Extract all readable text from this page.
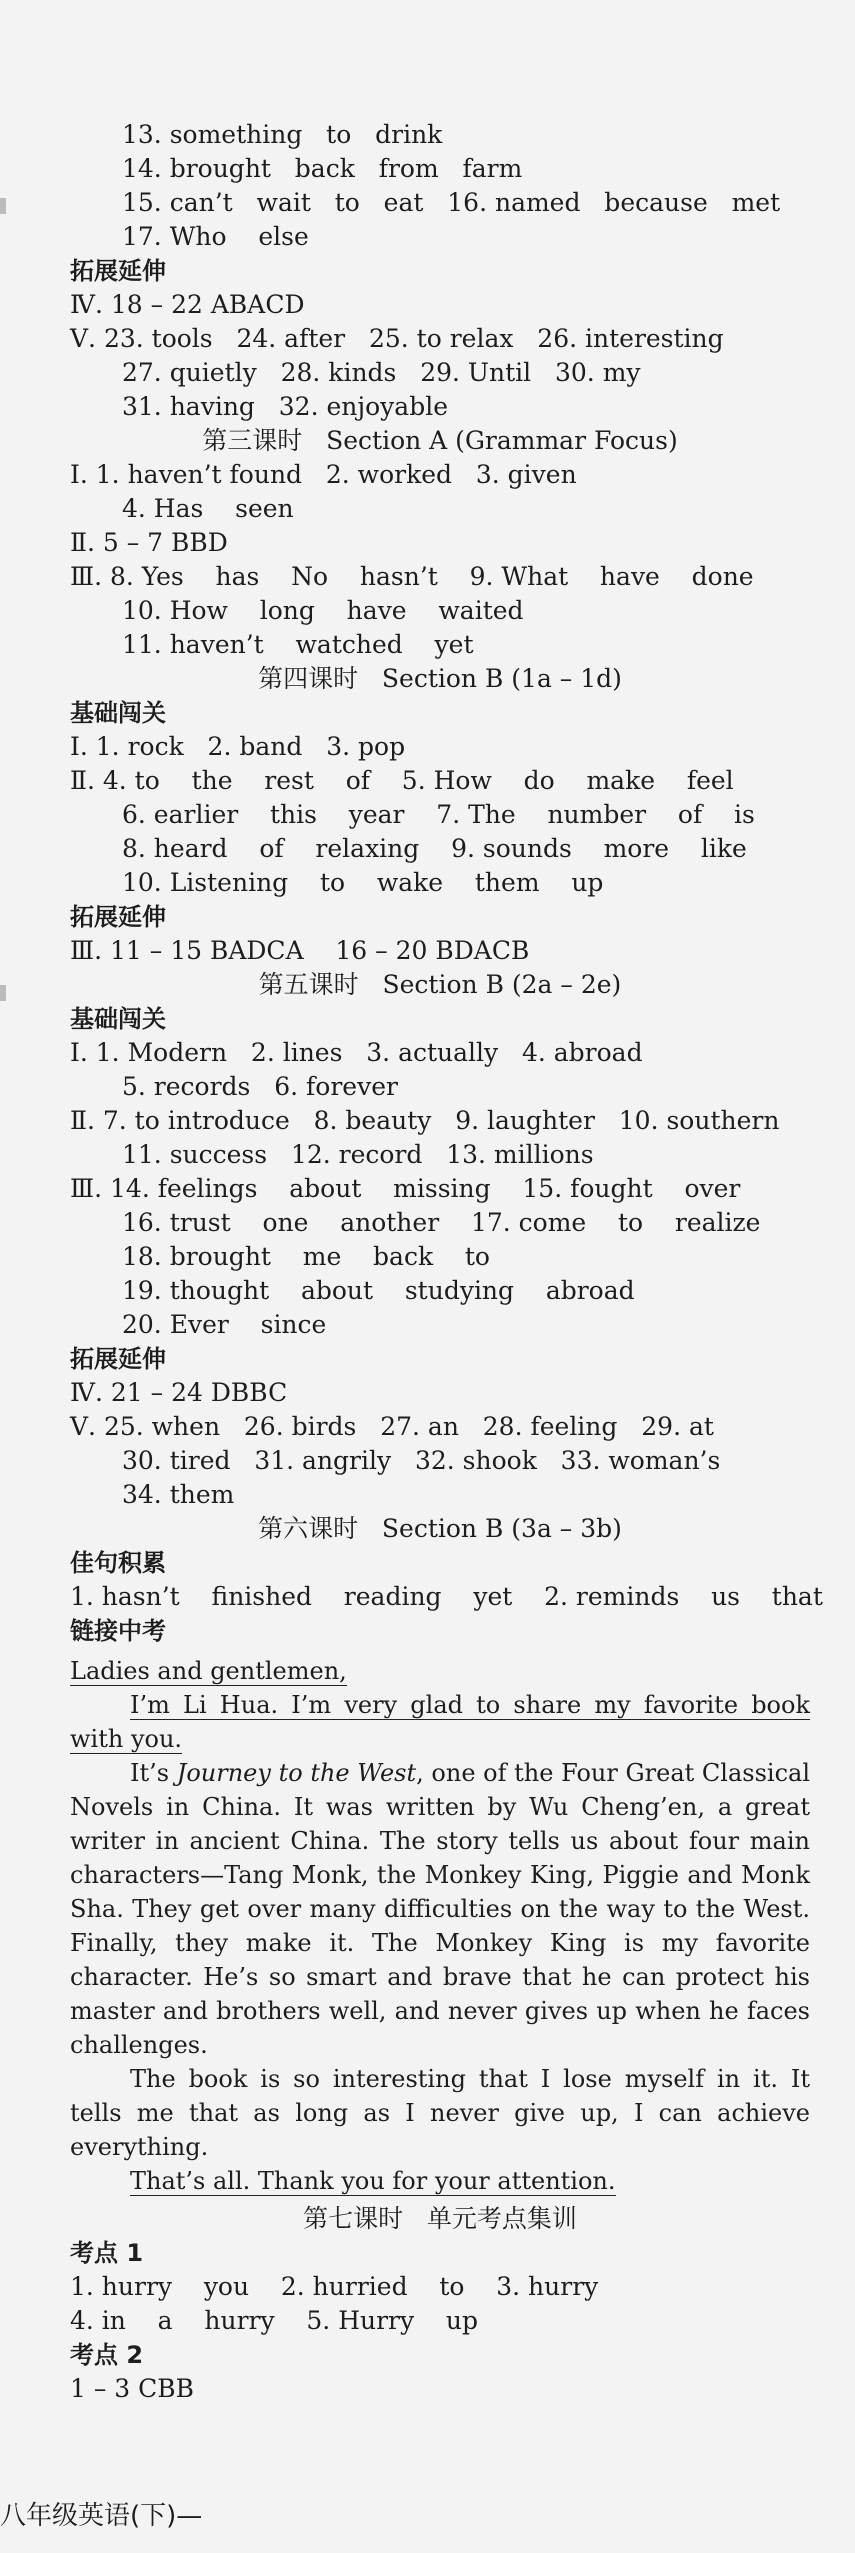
13. something   to   drink
14. brought   back   from   farm
15. can’t   wait   to   eat   16. named   because   met
17. Who    else
拓展延伸
Ⅳ. 18 – 22 ABACD
Ⅴ. 23. tools   24. after   25. to relax   26. interesting
27. quietly   28. kinds   29. Until   30. my
31. having   32. enjoyable
第三课时   Section A (Grammar Focus)
Ⅰ. 1. haven’t found   2. worked   3. given
4. Has    seen
Ⅱ. 5 – 7 BBD
Ⅲ. 8. Yes    has    No    hasn’t    9. What    have    done
10. How    long    have    waited
11. haven’t    watched    yet
第四课时   Section B (1a – 1d)
基础闯关
Ⅰ. 1. rock   2. band   3. pop
Ⅱ. 4. to    the    rest    of    5. How    do    make    feel
6. earlier    this    year    7. The    number    of    is
8. heard    of    relaxing    9. sounds    more    like
10. Listening    to    wake    them    up
拓展延伸
Ⅲ. 11 – 15 BADCA    16 – 20 BDACB
第五课时   Section B (2a – 2e)
基础闯关
Ⅰ. 1. Modern   2. lines   3. actually   4. abroad
5. records   6. forever
Ⅱ. 7. to introduce   8. beauty   9. laughter   10. southern
11. success   12. record   13. millions
Ⅲ. 14. feelings    about    missing    15. fought    over
16. trust    one    another    17. come    to    realize
18. brought    me    back    to
19. thought    about    studying    abroad
20. Ever    since
拓展延伸
Ⅳ. 21 – 24 DBBC
Ⅴ. 25. when   26. birds   27. an   28. feeling   29. at
30. tired   31. angrily   32. shook   33. woman’s
34. them
第六课时   Section B (3a – 3b)
佳句积累
1. hasn’t    finished    reading    yet    2. reminds    us    that
链接中考

Ladies and gentlemen,

I’m Li Hua. I’m very glad to share my favorite book with you.

It’s Journey to the West, one of the Four Great Classical Novels in China. It was written by Wu Cheng’en, a great writer in ancient China. The story tells us about four main characters—Tang Monk, the Monkey King, Piggie and Monk Sha. They get over many difficulties on the way to the West. Finally, they make it. The Monkey King is my favorite character. He’s so smart and brave that he can protect his master and brothers well, and never gives up when he faces challenges.

The book is so interesting that I lose myself in it. It tells me that as long as I never give up, I can achieve everything.

That’s all. Thank you for your attention.

第七课时   单元考点集训
考点 1
1. hurry    you    2. hurried    to    3. hurry
4. in    a    hurry    5. Hurry    up
考点 2
1 – 3 CBB
八年级英语(下)—
